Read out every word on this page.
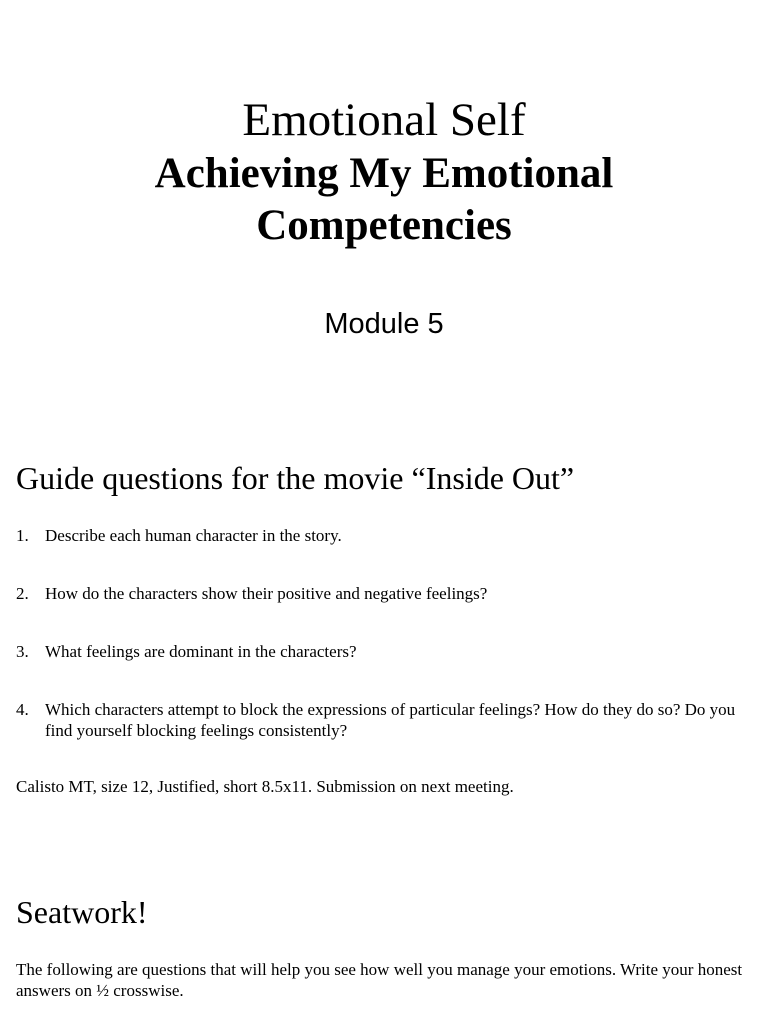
Emotional Self
Achieving My Emotional
Competencies
Module 5
Guide questions for the movie “Inside Out”
1. Describe each human character in the story.
2. How do the characters show their positive and negative feelings?
3. What feelings are dominant in the characters?
4. Which characters attempt to block the expressions of particular feelings? How do they do so? Do you find yourself blocking feelings consistently?
Calisto MT, size 12, Justified, short 8.5x11. Submission on next meeting.
Seatwork!
The following are questions that will help you see how well you manage your emotions. Write your honest answers on ½ crosswise.
